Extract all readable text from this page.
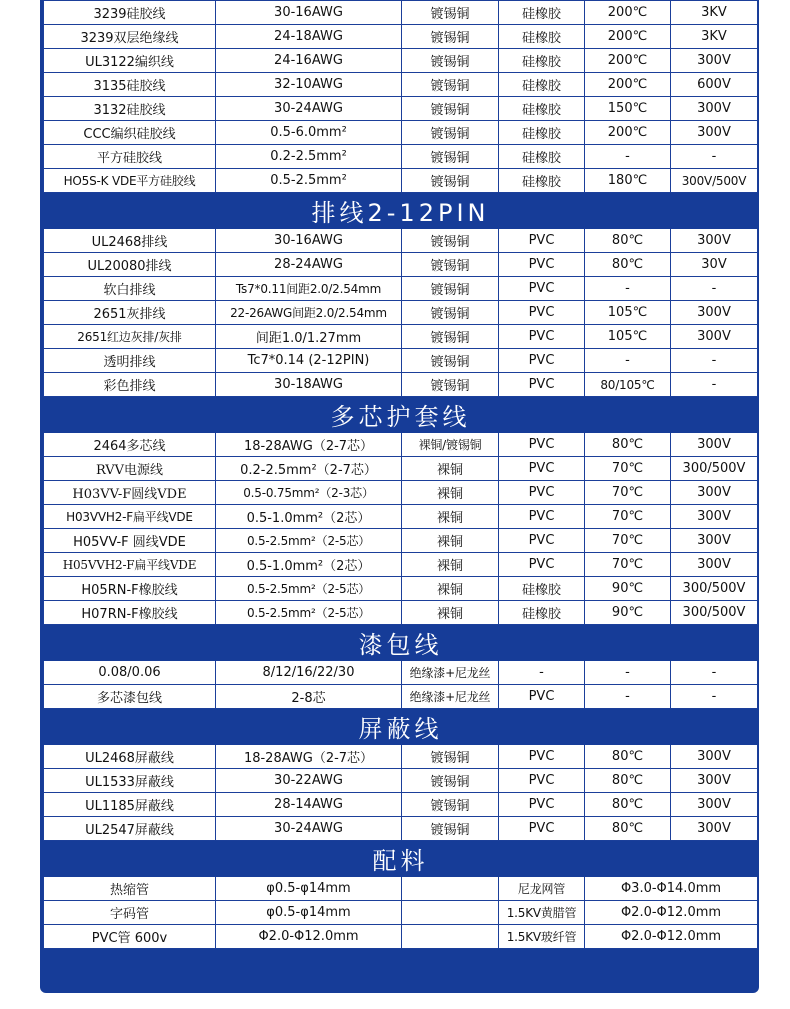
3239硅胶线	30-16AWG	镀锡铜	硅橡胶	200℃	3KV
3239双层绝缘线	24-18AWG	镀锡铜	硅橡胶	200℃	3KV
UL3122编织线	24-16AWG	镀锡铜	硅橡胶	200℃	300V
3135硅胶线	32-10AWG	镀锡铜	硅橡胶	200℃	600V
3132硅胶线	30-24AWG	镀锡铜	硅橡胶	150℃	300V
CCC编织硅胶线	0.5-6.0mm²	镀锡铜	硅橡胶	200℃	300V
平方硅胶线	0.2-2.5mm²	镀锡铜	硅橡胶	-	-
HO5S-K VDE平方硅胶线	0.5-2.5mm²	镀锡铜	硅橡胶	180℃	300V/500V
排线2-12PIN					
UL2468排线	30-16AWG	镀锡铜	PVC	80℃	300V
UL20080排线	28-24AWG	镀锡铜	PVC	80℃	30V
软白排线	Ts7*0.11间距2.0/2.54mm	镀锡铜	PVC	-	-
2651灰排线	22-26AWG间距2.0/2.54mm	镀锡铜	PVC	105℃	300V
2651红边灰排/灰排	间距1.0/1.27mm	镀锡铜	PVC	105℃	300V
透明排线	Tc7*0.14 (2-12PIN)	镀锡铜	PVC	-	-
彩色排线	30-18AWG	镀锡铜	PVC	80/105℃	-
多芯护套线					
2464多芯线	18-28AWG（2-7芯）	裸铜/镀锡铜	PVC	80℃	300V
RVV电源线	0.2-2.5mm²（2-7芯）	裸铜	PVC	70℃	300/500V
H03VV-F圆线VDE	0.5-0.75mm²（2-3芯）	裸铜	PVC	70℃	300V
H03VVH2-F扁平线VDE	0.5-1.0mm²（2芯）	裸铜	PVC	70℃	300V
H05VV-F 圆线VDE	0.5-2.5mm²（2-5芯）	裸铜	PVC	70℃	300V
H05VVH2-F扁平线VDE	0.5-1.0mm²（2芯）	裸铜	PVC	70℃	300V
H05RN-F橡胶线	0.5-2.5mm²（2-5芯）	裸铜	硅橡胶	90℃	300/500V
H07RN-F橡胶线	0.5-2.5mm²（2-5芯）	裸铜	硅橡胶	90℃	300/500V
漆包线					
0.08/0.06	8/12/16/22/30	绝缘漆+尼龙丝	-	-	-
多芯漆包线	2-8芯	绝缘漆+尼龙丝	PVC	-	-
屏蔽线					
UL2468屏蔽线	18-28AWG（2-7芯）	镀锡铜	PVC	80℃	300V
UL1533屏蔽线	30-22AWG	镀锡铜	PVC	80℃	300V
UL1185屏蔽线	28-14AWG	镀锡铜	PVC	80℃	300V
UL2547屏蔽线	30-24AWG	镀锡铜	PVC	80℃	300V
配料					
热缩管	φ0.5-φ14mm		尼龙网管	Φ3.0-Φ14.0mm	
字码管	φ0.5-φ14mm		1.5KV黄腊管	Φ2.0-Φ12.0mm	
PVC管 600v	Φ2.0-Φ12.0mm		1.5KV玻纤管	Φ2.0-Φ12.0mm	
